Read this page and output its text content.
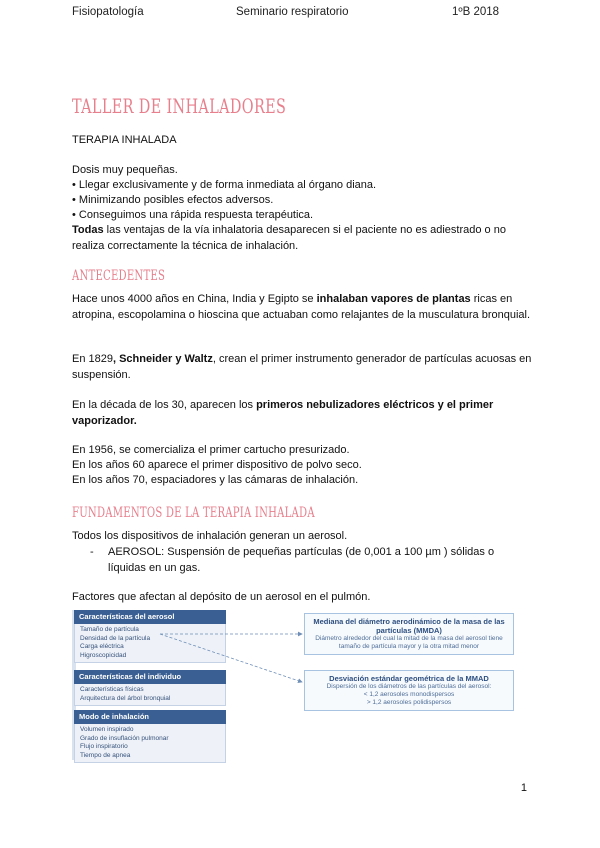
Fisiopatología	Seminario respiratorio	1ºB 2018
TALLER DE INHALADORES

TERAPIA INHALADA

Dosis muy pequeñas.

• Llegar exclusivamente y de forma inmediata al órgano diana.

• Minimizando posibles efectos adversos.

• Conseguimos una rápida respuesta terapéutica.

Todas las ventajas de la vía inhalatoria desaparecen si el paciente no es adiestrado o no realiza correctamente la técnica de inhalación.

ANTECEDENTES

Hace unos 4000 años en China, India y Egipto se inhalaban vapores de plantas ricas en atropina, escopolamina o hioscina que actuaban como relajantes de la musculatura bronquial.

En 1829, Schneider y Waltz, crean el primer instrumento generador de partículas acuosas en suspensión.

En la década de los 30, aparecen los primeros nebulizadores eléctricos y el primer vaporizador.

En 1956, se comercializa el primer cartucho presurizado.

En los años 60 aparece el primer dispositivo de polvo seco.

En los años 70, espaciadores y las cámaras de inhalación.

FUNDAMENTOS DE LA TERAPIA INHALADA

Todos los dispositivos de inhalación generan un aerosol.

- AEROSOL: Suspensión de pequeñas partículas (de 0,001 a 100 µm ) sólidas o líquidas en un gas.

Factores que afectan al depósito de un aerosol en el pulmón.

Características del aerosol
Tamaño de partícula
Densidad de la partícula
Carga eléctrica
Higroscopicidad
Características del individuo
Características físicas
Arquitectura del árbol bronquial
Modo de inhalación
Volumen inspirado
Grado de insuflación pulmonar
Flujo inspiratorio
Tiempo de apnea
Mediana del diámetro aerodinámico de la masa de las partículas (MMDA)
Diámetro alrededor del cual la mitad de la masa del aerosol tiene tamaño de partícula mayor y la otra mitad menor
Desviación estándar geométrica de la MMAD
Dispersión de los diámetros de las partículas del aerosol:
< 1,2 aerosoles monodispersos
> 1,2 aerosoles polidispersos
1
